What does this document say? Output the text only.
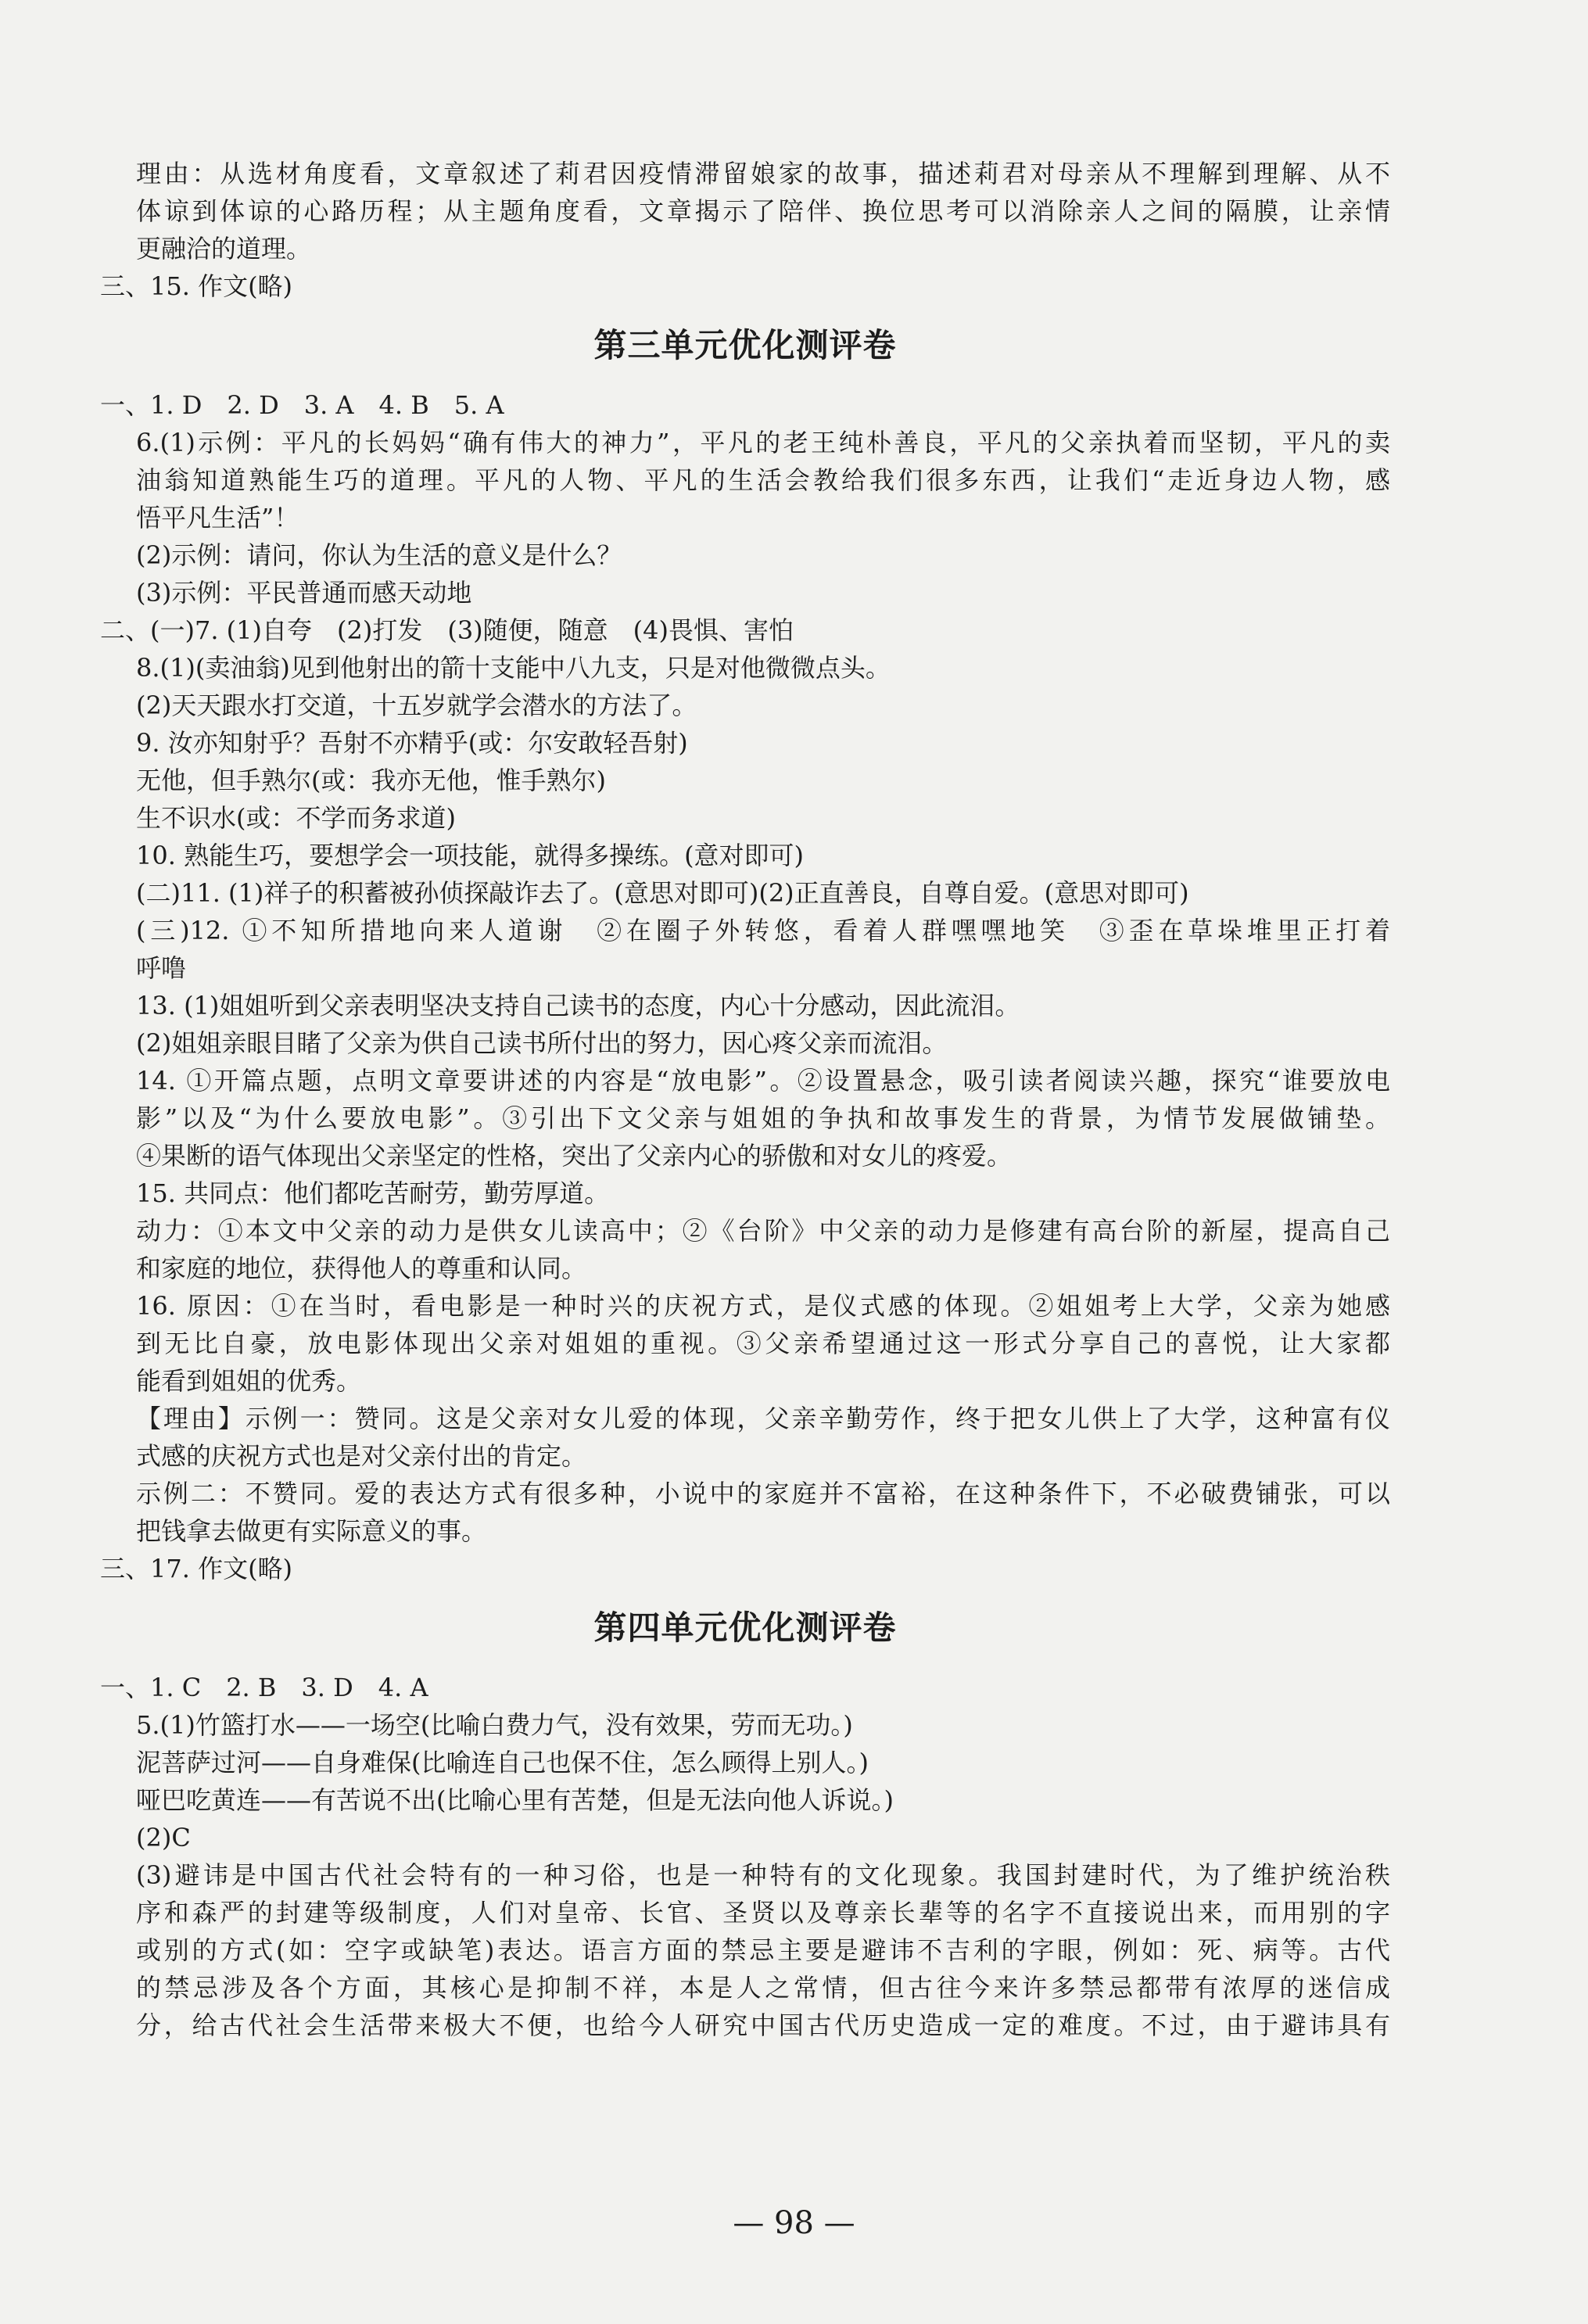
理由：从选材角度看，文章叙述了莉君因疫情滞留娘家的故事，描述莉君对母亲从不理解到理解、从不
体谅到体谅的心路历程；从主题角度看，文章揭示了陪伴、换位思考可以消除亲人之间的隔膜，让亲情
更融洽的道理。
三、15. 作文(略)
第三单元优化测评卷
一、1. D　2. D　3. A　4. B　5. A
6.(1)示例：平凡的长妈妈“确有伟大的神力”，平凡的老王纯朴善良，平凡的父亲执着而坚韧，平凡的卖
油翁知道熟能生巧的道理。平凡的人物、平凡的生活会教给我们很多东西，让我们“走近身边人物，感
悟平凡生活”！
(2)示例：请问，你认为生活的意义是什么？
(3)示例：平民普通而感天动地
二、(一)7. (1)自夸　(2)打发　(3)随便，随意　(4)畏惧、害怕
8.(1)(卖油翁)见到他射出的箭十支能中八九支，只是对他微微点头。
(2)天天跟水打交道，十五岁就学会潜水的方法了。
9. 汝亦知射乎？吾射不亦精乎(或：尔安敢轻吾射)
无他，但手熟尔(或：我亦无他，惟手熟尔)
生不识水(或：不学而务求道)
10. 熟能生巧，要想学会一项技能，就得多操练。(意对即可)
(二)11. (1)祥子的积蓄被孙侦探敲诈去了。(意思对即可)(2)正直善良，自尊自爱。(意思对即可)
(三)12. ①不知所措地向来人道谢　②在圈子外转悠，看着人群嘿嘿地笑　③歪在草垛堆里正打着
呼噜
13. (1)姐姐听到父亲表明坚决支持自己读书的态度，内心十分感动，因此流泪。
(2)姐姐亲眼目睹了父亲为供自己读书所付出的努力，因心疼父亲而流泪。
14. ①开篇点题，点明文章要讲述的内容是“放电影”。②设置悬念，吸引读者阅读兴趣，探究“谁要放电
影”以及“为什么要放电影”。③引出下文父亲与姐姐的争执和故事发生的背景，为情节发展做铺垫。
④果断的语气体现出父亲坚定的性格，突出了父亲内心的骄傲和对女儿的疼爱。
15. 共同点：他们都吃苦耐劳，勤劳厚道。
动力：①本文中父亲的动力是供女儿读高中；②《台阶》中父亲的动力是修建有高台阶的新屋，提高自己
和家庭的地位，获得他人的尊重和认同。
16. 原因：①在当时，看电影是一种时兴的庆祝方式，是仪式感的体现。②姐姐考上大学，父亲为她感
到无比自豪，放电影体现出父亲对姐姐的重视。③父亲希望通过这一形式分享自己的喜悦，让大家都
能看到姐姐的优秀。
【理由】示例一：赞同。这是父亲对女儿爱的体现，父亲辛勤劳作，终于把女儿供上了大学，这种富有仪
式感的庆祝方式也是对父亲付出的肯定。
示例二：不赞同。爱的表达方式有很多种，小说中的家庭并不富裕，在这种条件下，不必破费铺张，可以
把钱拿去做更有实际意义的事。
三、17. 作文(略)
第四单元优化测评卷
一、1. C　2. B　3. D　4. A
5.(1)竹篮打水——一场空(比喻白费力气，没有效果，劳而无功。)
泥菩萨过河——自身难保(比喻连自己也保不住，怎么顾得上别人。)
哑巴吃黄连——有苦说不出(比喻心里有苦楚，但是无法向他人诉说。)
(2)C
(3)避讳是中国古代社会特有的一种习俗，也是一种特有的文化现象。我国封建时代，为了维护统治秩
序和森严的封建等级制度，人们对皇帝、长官、圣贤以及尊亲长辈等的名字不直接说出来，而用别的字
或别的方式(如：空字或缺笔)表达。语言方面的禁忌主要是避讳不吉利的字眼，例如：死、病等。古代
的禁忌涉及各个方面，其核心是抑制不祥，本是人之常情，但古往今来许多禁忌都带有浓厚的迷信成
分，给古代社会生活带来极大不便，也给今人研究中国古代历史造成一定的难度。不过，由于避讳具有
— 98 —
